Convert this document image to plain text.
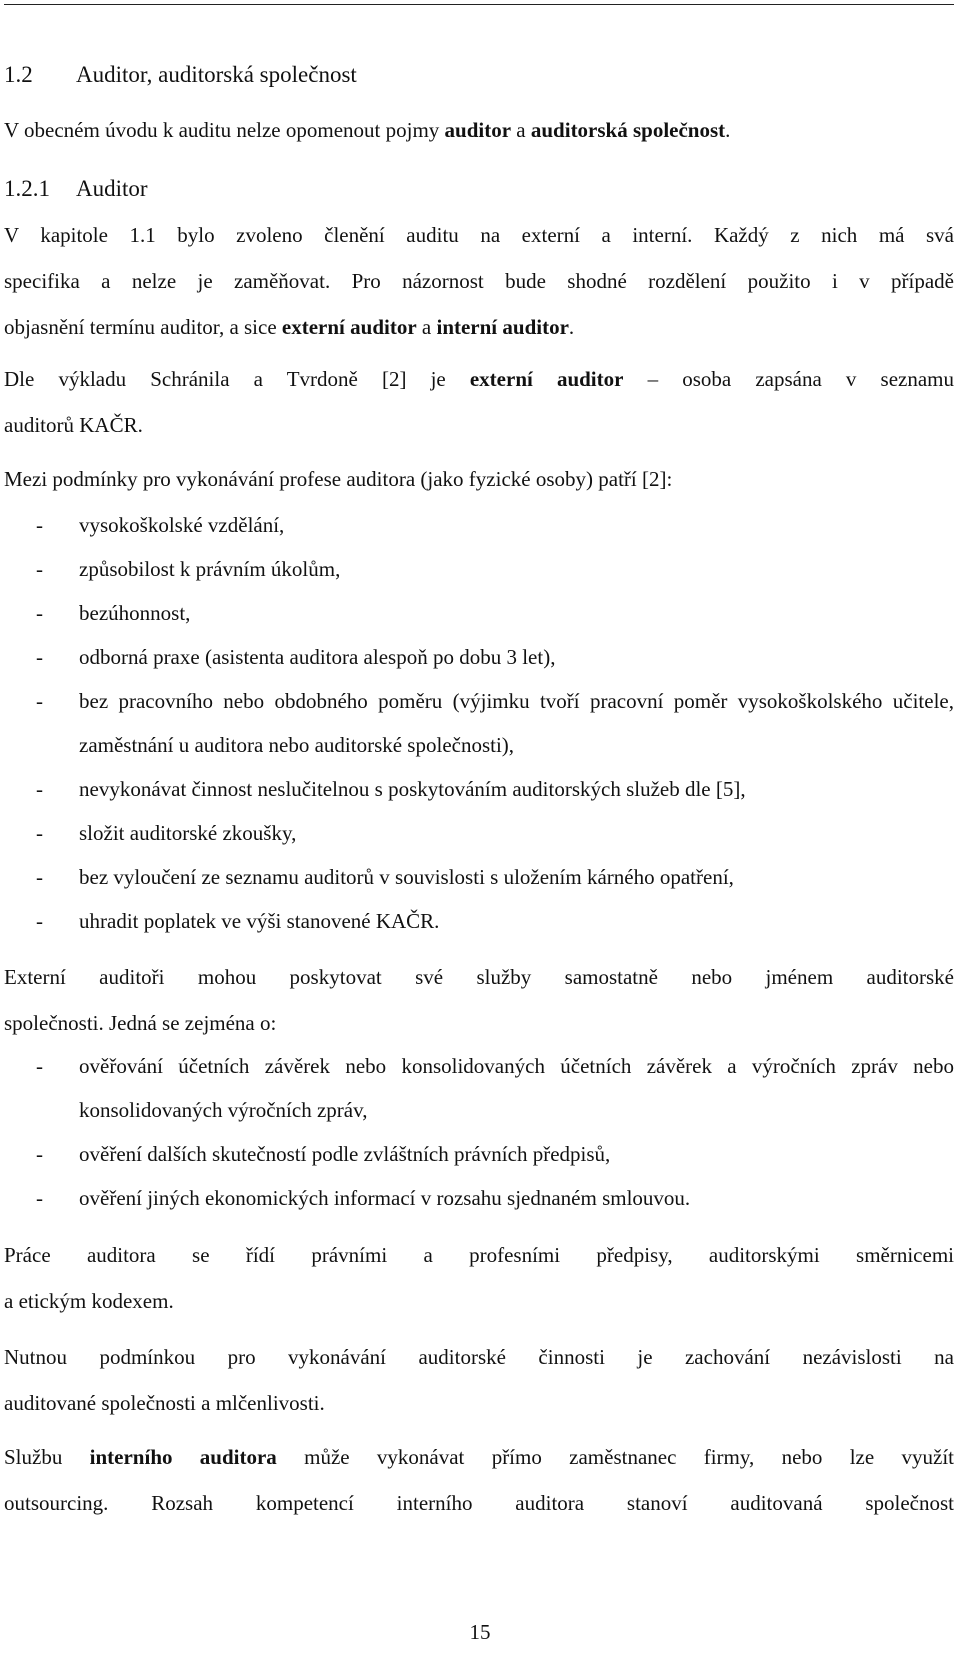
1.2 Auditor, auditorská společnost
V obecném úvodu k auditu nelze opomenout pojmy auditor a auditorská společnost.
1.2.1 Auditor
V kapitole 1.1 bylo zvoleno členění auditu na externí a interní. Každý z nich má svá
specifika a nelze je zaměňovat. Pro názornost bude shodné rozdělení použito i v případě
objasnění termínu auditor, a sice externí auditor a interní auditor.
Dle výkladu Schránila a Tvrdoně [2] je externí auditor – osoba zapsána v seznamu
auditorů KAČR.
Mezi podmínky pro vykonávání profese auditora (jako fyzické osoby) patří [2]:
- vysokoškolské vzdělání,
- způsobilost k právním úkolům,
- bezúhonnost,
- odborná praxe (asistenta auditora alespoň po dobu 3 let),
- bez pracovního nebo obdobného poměru (výjimku tvoří pracovní poměr vysokoškolského učitele, zaměstnání u auditora nebo auditorské společnosti),
- nevykonávat činnost neslučitelnou s poskytováním auditorských služeb dle [5],
- složit auditorské zkoušky,
- bez vyloučení ze seznamu auditorů v souvislosti s uložením kárného opatření,
- uhradit poplatek ve výši stanovené KAČR.
Externí auditoři mohou poskytovat své služby samostatně nebo jménem auditorské
společnosti. Jedná se zejména o:
- ověřování účetních závěrek nebo konsolidovaných účetních závěrek a výročních zpráv nebo konsolidovaných výročních zpráv,
- ověření dalších skutečností podle zvláštních právních předpisů,
- ověření jiných ekonomických informací v rozsahu sjednaném smlouvou.
Práce auditora se řídí právními a profesními předpisy, auditorskými směrnicemi
a etickým kodexem.
Nutnou podmínkou pro vykonávání auditorské činnosti je zachování nezávislosti na
auditované společnosti a mlčenlivosti.
Službu interního auditora může vykonávat přímo zaměstnanec firmy, nebo lze využít
outsourcing. Rozsah kompetencí interního auditora stanoví auditovaná společnost
15
